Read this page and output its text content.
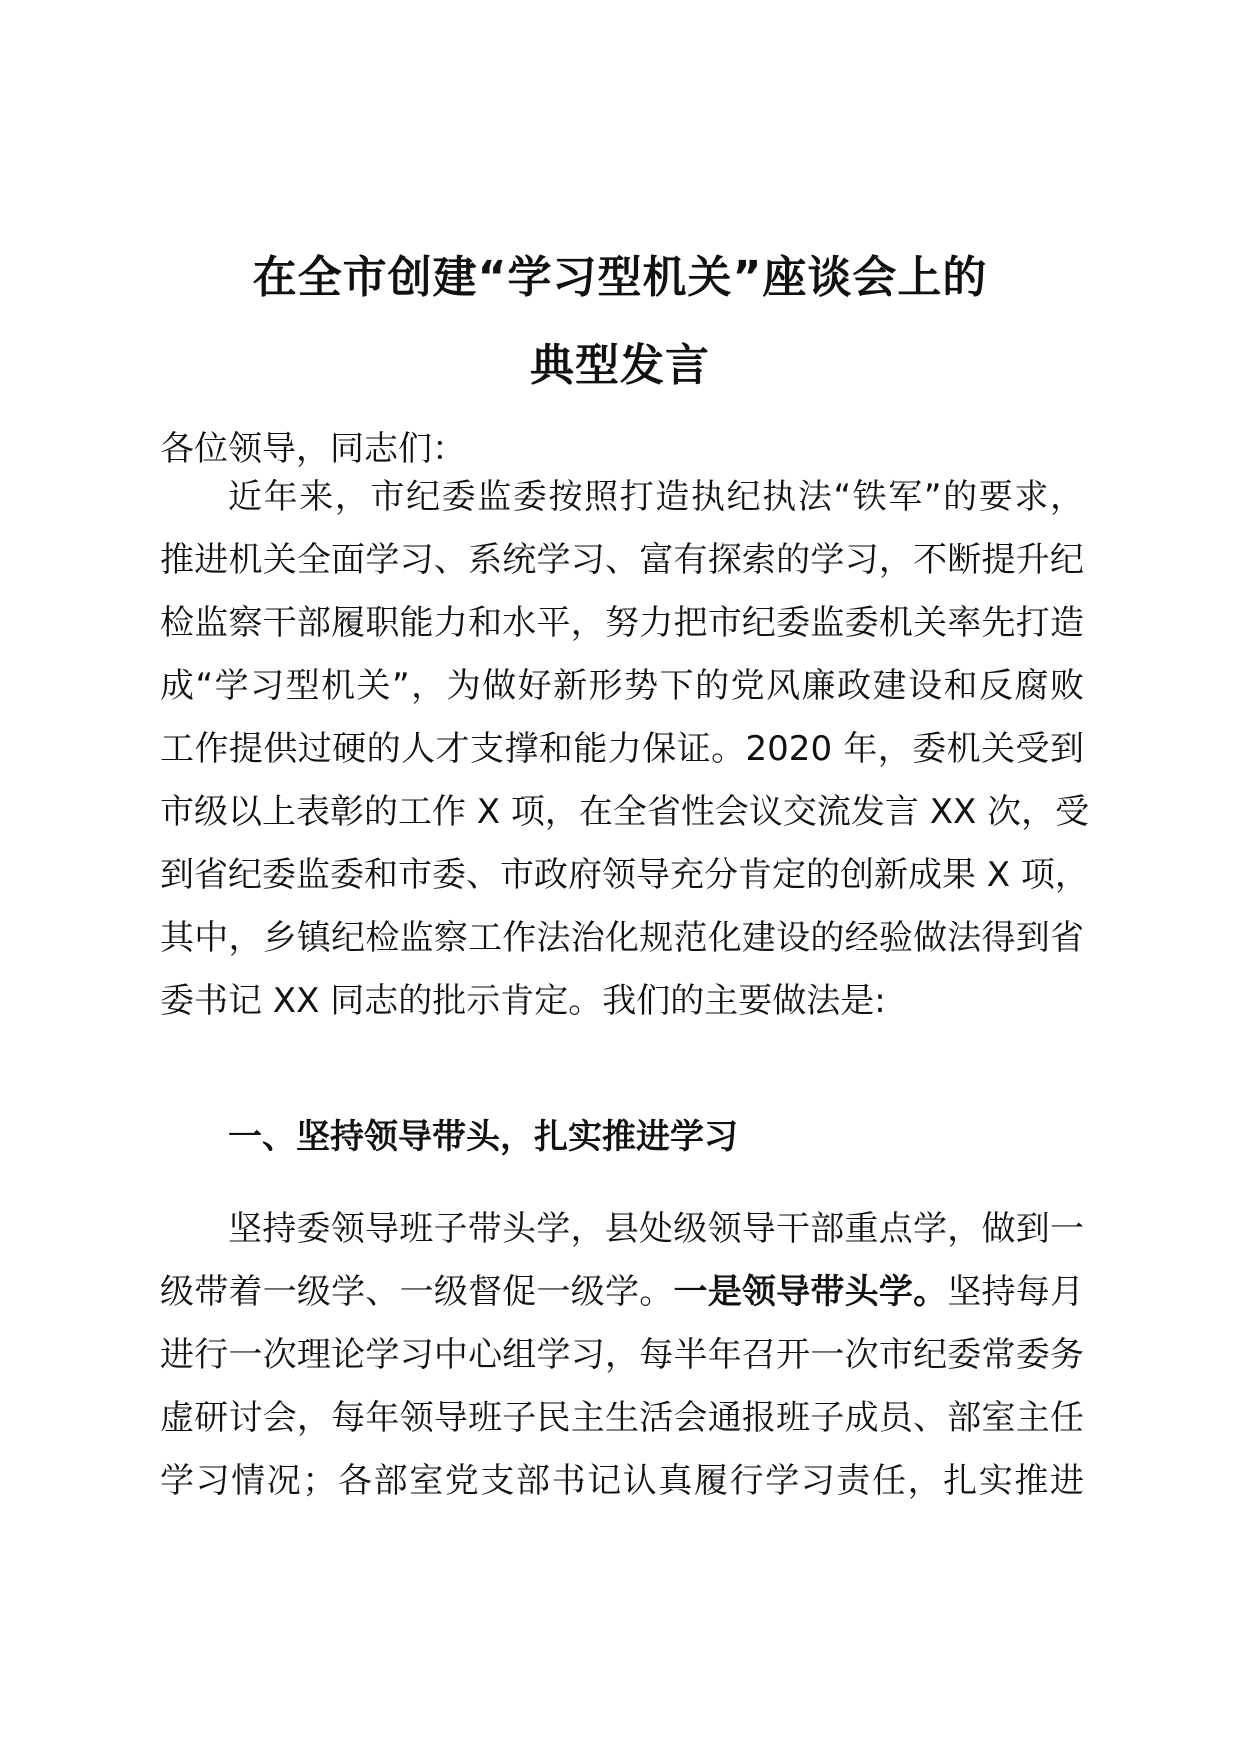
在全市创建“学习型机关”座谈会上的
典型发言
各位领导，同志们：
近年来，市纪委监委按照打造执纪执法“铁军”的要求，
推进机关全面学习、系统学习、富有探索的学习，不断提升纪
检监察干部履职能力和水平，努力把市纪委监委机关率先打造
成“学习型机关”，为做好新形势下的党风廉政建设和反腐败
工作提供过硬的人才支撑和能力保证。2020 年，委机关受到
市级以上表彰的工作 X 项，在全省性会议交流发言 XX 次，受
到省纪委监委和市委、市政府领导充分肯定的创新成果 X 项，
其中，乡镇纪检监察工作法治化规范化建设的经验做法得到省
委书记 XX 同志的批示肯定。我们的主要做法是:
一、坚持领导带头，扎实推进学习
坚持委领导班子带头学，县处级领导干部重点学，做到一
级带着一级学、一级督促一级学。一是领导带头学。坚持每月
进行一次理论学习中心组学习，每半年召开一次市纪委常委务
虚研讨会，每年领导班子民主生活会通报班子成员、部室主任
学习情况；各部室党支部书记认真履行学习责任，扎实推进
